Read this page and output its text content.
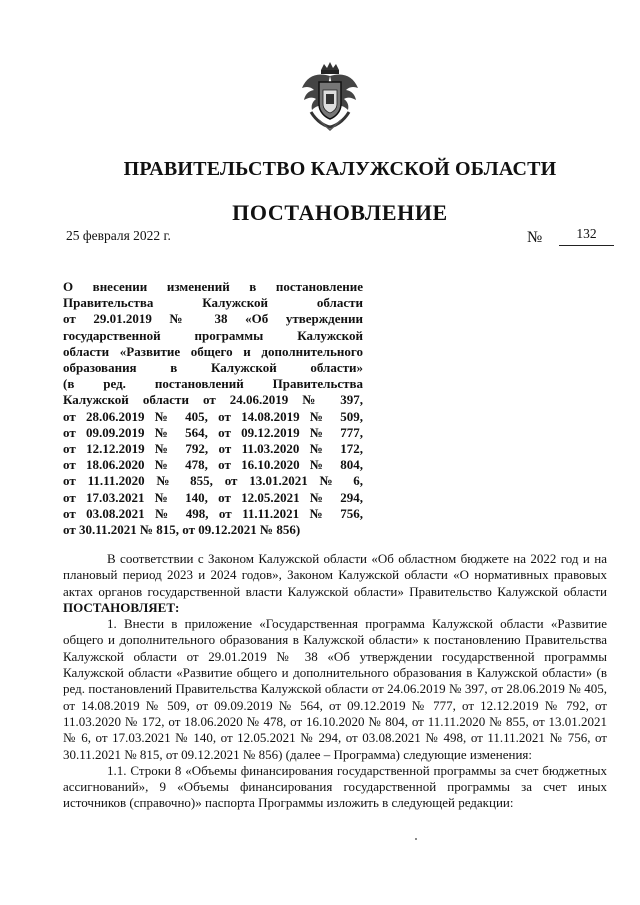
ПРАВИТЕЛЬСТВО КАЛУЖСКОЙ ОБЛАСТИ
ПОСТАНОВЛЕНИЕ
25 февраля 2022 г.	№	132

О внесении изменений в постановление

Правительства Калужской области

от 29.01.2019 № 38 «Об утверждении

государственной программы Калужской

области «Развитие общего и дополнительного

образования в Калужской области»

(в ред. постановлений Правительства

Калужской области от 24.06.2019 № 397,

от 28.06.2019 № 405, от 14.08.2019 № 509,

от 09.09.2019 № 564, от 09.12.2019 № 777,

от 12.12.2019 № 792, от 11.03.2020 № 172,

от 18.06.2020 № 478, от 16.10.2020 № 804,

от 11.11.2020 № 855, от 13.01.2021 № 6,

от 17.03.2021 № 140, от 12.05.2021 № 294,

от 03.08.2021 № 498, от 11.11.2021 № 756,

от 30.11.2021 № 815, от 09.12.2021 № 856)

В соответствии с Законом Калужской области «Об областном бюджете на 2022 год и на плановый период 2023 и 2024 годов», Законом Калужской области «О нормативных правовых актах органов государственной власти Калужской области» Правительство Калужской области ПОСТАНОВЛЯЕТ:

1. Внести в приложение «Государственная программа Калужской области «Развитие общего и дополнительного образования в Калужской области» к постановлению Правительства Калужской области от 29.01.2019 № 38 «Об утверждении государственной программы Калужской области «Развитие общего и дополнительного образования в Калужской области» (в ред. постановлений Правительства Калужской области от 24.06.2019 № 397, от 28.06.2019 № 405, от 14.08.2019 № 509, от 09.09.2019 № 564, от 09.12.2019 № 777, от 12.12.2019 № 792, от 11.03.2020 № 172, от 18.06.2020 № 478, от 16.10.2020 № 804, от 11.11.2020 № 855, от 13.01.2021 № 6, от 17.03.2021 № 140, от 12.05.2021 № 294, от 03.08.2021 № 498, от 11.11.2021 № 756, от 30.11.2021 № 815, от 09.12.2021 № 856) (далее – Программа) следующие изменения:

1.1. Строки 8 «Объемы финансирования государственной программы за счет бюджетных ассигнований», 9 «Объемы финансирования государственной программы за счет иных источников (справочно)» паспорта Программы изложить в следующей редакции:
